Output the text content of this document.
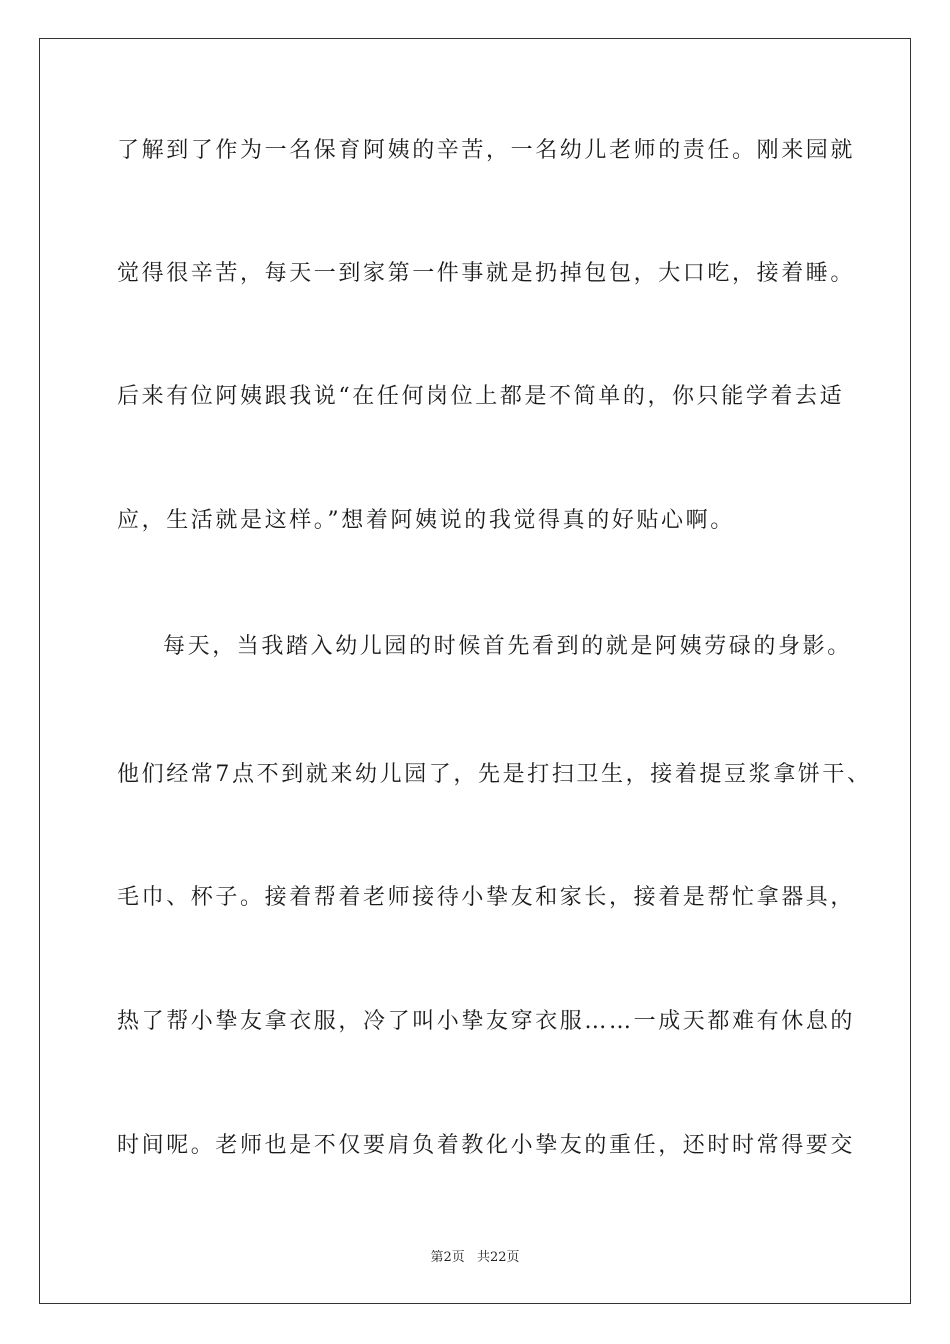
了解到了作为一名保育阿姨的辛苦，一名幼儿老师的责任。刚来园就
觉得很辛苦，每天一到家第一件事就是扔掉包包，大口吃，接着睡。
后来有位阿姨跟我说“在任何岗位上都是不简单的，你只能学着去适
应，生活就是这样。”想着阿姨说的我觉得真的好贴心啊。
每天，当我踏入幼儿园的时候首先看到的就是阿姨劳碌的身影。
他们经常7点不到就来幼儿园了，先是打扫卫生，接着提豆浆拿饼干、
毛巾、杯子。接着帮着老师接待小挚友和家长，接着是帮忙拿器具，
热了帮小挚友拿衣服，冷了叫小挚友穿衣服……一成天都难有休息的
时间呢。老师也是不仅要肩负着教化小挚友的重任，还时时常得要交
第2页 共22页
